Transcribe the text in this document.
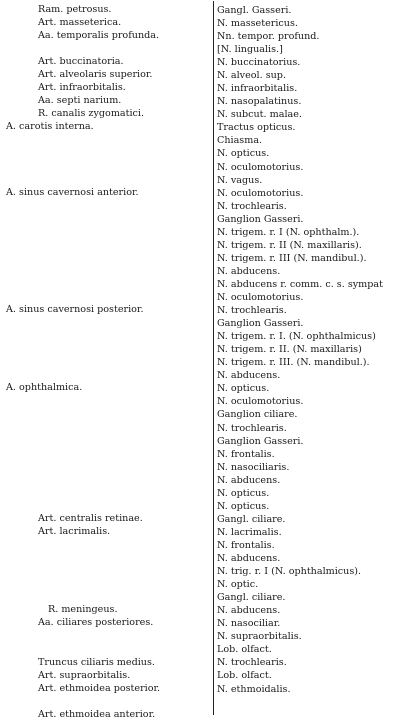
Ram. petrosus.
Art. masseterica.
Aa. temporalis profunda.
Art. buccinatoria.
Art. alveolaris superior.
Art. infraorbitalis.
Aa. septi narium.
R. canalis zygomatici.
A. carotis interna.
A. sinus cavernosi anterior.
A. sinus cavernosi posterior.
A. ophthalmica.
Art. centralis retinae.
Art. lacrimalis.
R. meningeus.
Aa. ciliares posteriores.
Truncus ciliaris medius.
Art. supraorbitalis.
Art. ethmoidea posterior.
Art. ethmoidea anterior.
Gangl. Gasseri.
N. massetericus.
Nn. tempor. profund.
[N. lingualis.]
N. buccinatorius.
N. alveol. sup.
N. infraorbitalis.
N. nasopalatinus.
N. subcut. malae.
Tractus opticus.
Chiasma.
N. opticus.
N. oculomotorius.
N. vagus.
N. oculomotorius.
N. trochlearis.
Ganglion Gasseri.
N. trigem. r. I (N. ophthalm.).
N. trigem. r. II (N. maxillaris).
N. trigem. r. III (N. mandibul.).
N. abducens.
N. abducens r. comm. c. s. sympat
N. oculomotorius.
N. trochlearis.
Ganglion Gasseri.
N. trigem. r. I. (N. ophthalmicus)
N. trigem. r. II. (N. maxillaris)
N. trigem. r. III. (N. mandibul.).
N. abducens.
N. opticus.
N. oculomotorius.
Ganglion ciliare.
N. trochlearis.
Ganglion Gasseri.
N. frontalis.
N. nasociliaris.
N. abducens.
N. opticus.
N. opticus.
Gangl. ciliare.
N. lacrimalis.
N. frontalis.
N. abducens.
N. trig. r. I (N. ophthalmicus).
N. optic.
Gangl. ciliare.
N. abducens.
N. nasociliar.
N. supraorbitalis.
Lob. olfact.
N. trochlearis.
Lob. olfact.
N. ethmoidalis.
